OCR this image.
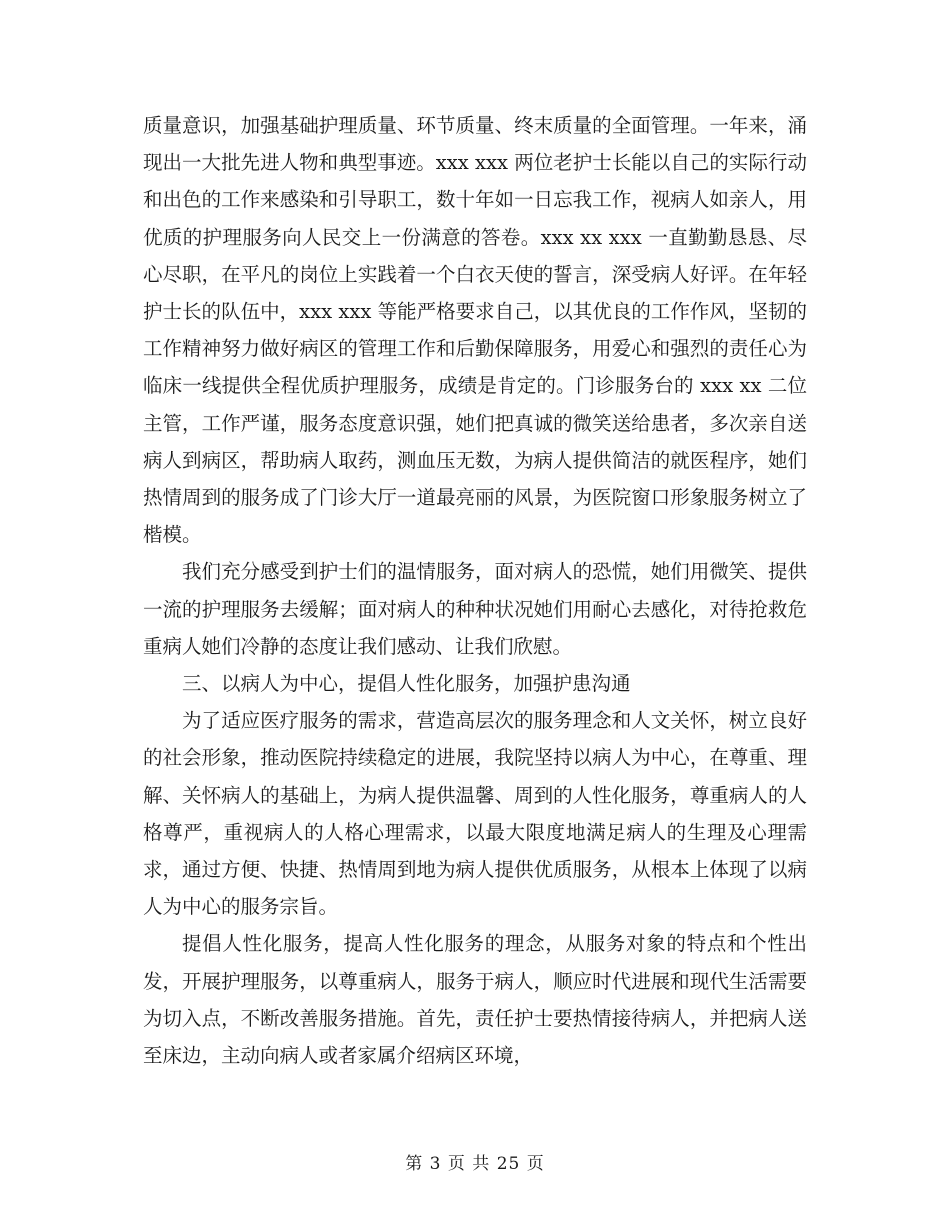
质量意识，加强基础护理质量、环节质量、终末质量的全面管理。一年来，涌现出一大批先进人物和典型事迹。xxx xxx 两位老护士长能以自己的实际行动和出色的工作来感染和引导职工，数十年如一日忘我工作，视病人如亲人，用优质的护理服务向人民交上一份满意的答卷。xxx xx xxx 一直勤勤恳恳、尽心尽职，在平凡的岗位上实践着一个白衣天使的誓言，深受病人好评。在年轻护士长的队伍中，xxx xxx 等能严格要求自己，以其优良的工作作风，坚韧的工作精神努力做好病区的管理工作和后勤保障服务，用爱心和强烈的责任心为临床一线提供全程优质护理服务，成绩是肯定的。门诊服务台的 xxx xx 二位主管，工作严谨，服务态度意识强，她们把真诚的微笑送给患者，多次亲自送病人到病区，帮助病人取药，测血压无数，为病人提供简洁的就医程序，她们热情周到的服务成了门诊大厅一道最亮丽的风景，为医院窗口形象服务树立了楷模。

我们充分感受到护士们的温情服务，面对病人的恐慌，她们用微笑、提供一流的护理服务去缓解；面对病人的种种状况她们用耐心去感化，对待抢救危重病人她们冷静的态度让我们感动、让我们欣慰。

三、以病人为中心，提倡人性化服务，加强护患沟通

为了适应医疗服务的需求，营造高层次的服务理念和人文关怀，树立良好的社会形象，推动医院持续稳定的进展，我院坚持以病人为中心，在尊重、理解、关怀病人的基础上，为病人提供温馨、周到的人性化服务，尊重病人的人格尊严，重视病人的人格心理需求，以最大限度地满足病人的生理及心理需求，通过方便、快捷、热情周到地为病人提供优质服务，从根本上体现了以病人为中心的服务宗旨。

提倡人性化服务，提高人性化服务的理念，从服务对象的特点和个性出发，开展护理服务，以尊重病人，服务于病人，顺应时代进展和现代生活需要为切入点，不断改善服务措施。首先，责任护士要热情接待病人，并把病人送至床边，主动向病人或者家属介绍病区环境，

第 3 页 共 25 页
